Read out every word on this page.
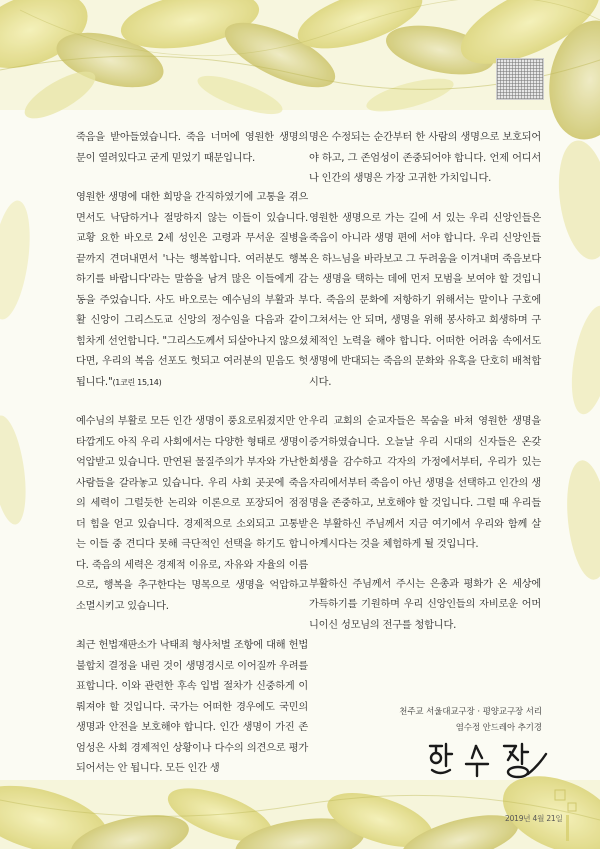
죽음을 받아들였습니다. 죽음 너머에 영원한 생명의 문이 열려있다고 굳게 믿었기 때문입니다.

영원한 생명에 대한 희망을 간직하였기에 고통을 겪으면서도 낙담하거나 절망하지 않는 이들이 있습니다. 교황 요한 바오로 2세 성인은 고령과 무서운 질병을 끝까지 견뎌내면서 '나는 행복합니다. 여러분도 행복하기를 바랍니다'라는 말씀을 남겨 많은 이들에게 감동을 주었습니다. 사도 바오로는 예수님의 부활과 부활 신앙이 그리스도교 신앙의 정수임을 다음과 같이 힘차게 선언합니다. "그리스도께서 되살아나지 않으셨다면, 우리의 복음 선포도 헛되고 여러분의 믿음도 헛됩니다."(1코린 15,14)

예수님의 부활로 모든 인간 생명이 풍요로워졌지만 안타깝게도 아직 우리 사회에서는 다양한 형태로 생명이 억압받고 있습니다. 만연된 물질주의가 부자와 가난한 사람들을 갈라놓고 있습니다. 우리 사회 곳곳에 죽음의 세력이 그럴듯한 논리와 이론으로 포장되어 점점 더 힘을 얻고 있습니다. 경제적으로 소외되고 고통받는 이들 중 견디다 못해 극단적인 선택을 하기도 합니다. 죽음의 세력은 경제적 이유로, 자유와 자율의 이름으로, 행복을 추구한다는 명목으로 생명을 억압하고 소멸시키고 있습니다.

최근 헌법재판소가 낙태죄 형사처벌 조항에 대해 헌법불합치 결정을 내린 것이 생명경시로 이어질까 우려를 표합니다. 이와 관련한 후속 입법 절차가 신중하게 이뤄져야 할 것입니다. 국가는 어떠한 경우에도 국민의 생명과 안전을 보호해야 합니다. 인간 생명이 가진 존엄성은 사회 경제적인 상황이나 다수의 의견으로 평가되어서는 안 됩니다. 모든 인간 생

명은 수정되는 순간부터 한 사람의 생명으로 보호되어야 하고, 그 존엄성이 존중되어야 합니다. 언제 어디서나 인간의 생명은 가장 고귀한 가치입니다.

영원한 생명으로 가는 길에 서 있는 우리 신앙인들은 죽음이 아니라 생명 편에 서야 합니다. 우리 신앙인들은 하느님을 바라보고 그 두려움을 이겨내며 죽음보다는 생명을 택하는 데에 먼저 모범을 보여야 할 것입니다. 죽음의 문화에 저항하기 위해서는 말이나 구호에 그쳐서는 안 되며, 생명을 위해 봉사하고 희생하며 구체적인 노력을 해야 합니다. 어떠한 어려움 속에서도 생명에 반대되는 죽음의 문화와 유혹을 단호히 배척합시다.

우리 교회의 순교자들은 목숨을 바쳐 영원한 생명을 증거하였습니다. 오늘날 우리 시대의 신자들은 온갖 희생을 감수하고 각자의 가정에서부터, 우리가 있는 자리에서부터 죽음이 아닌 생명을 선택하고 인간의 생명을 존중하고, 보호해야 할 것입니다. 그럴 때 우리들은 부활하신 주님께서 지금 여기에서 우리와 함께 살아계시다는 것을 체험하게 될 것입니다.

부활하신 주님께서 주시는 은총과 평화가 온 세상에 가득하기를 기원하며 우리 신앙인들의 자비로운 어머니이신 성모님의 전구를 청합니다.

천주교 서울대교구장 · 평양교구장 서리
염수정 안드레아 추기경
2019년 4월 21일
